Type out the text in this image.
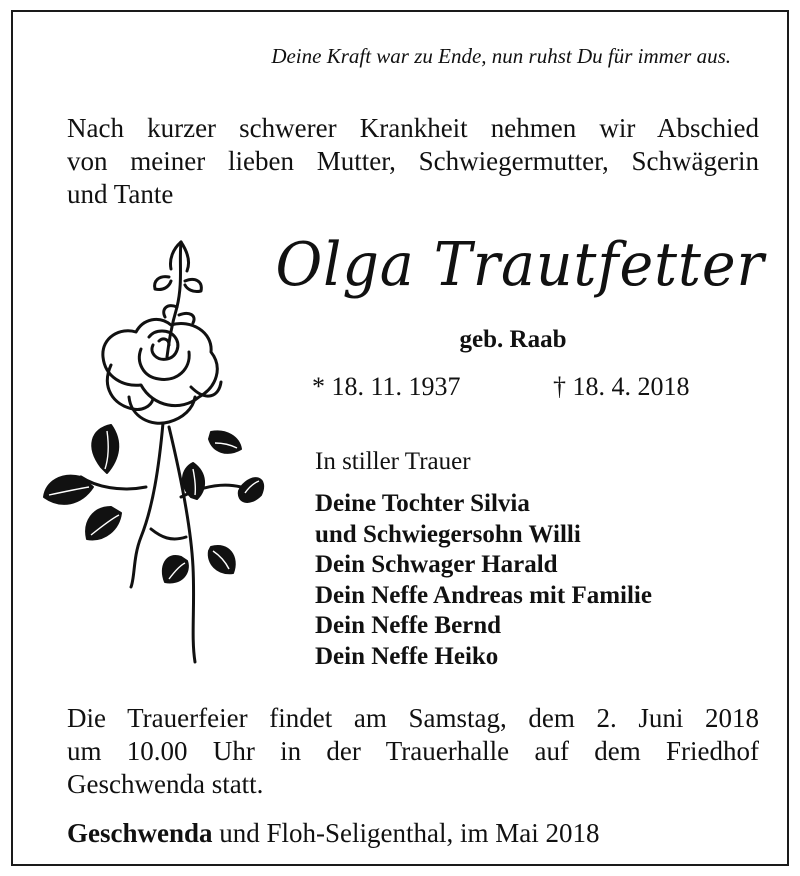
Deine Kraft war zu Ende, nun ruhst Du für immer aus.
Nach kurzer schwerer Krankheit nehmen wir Abschied
von meiner lieben Mutter, Schwiegermutter, Schwägerin
und Tante
Olga Trautfetter
geb. Raab
* 18. 11. 1937	† 18. 4. 2018
In stiller Trauer
Deine Tochter Silvia
und Schwiegersohn Willi
Dein Schwager Harald
Dein Neffe Andreas mit Familie
Dein Neffe Bernd
Dein Neffe Heiko
Die Trauerfeier findet am Samstag, dem 2. Juni 2018
um 10.00 Uhr in der Trauerhalle auf dem Friedhof
Geschwenda statt.
Geschwenda und Floh-Seligenthal, im Mai 2018
